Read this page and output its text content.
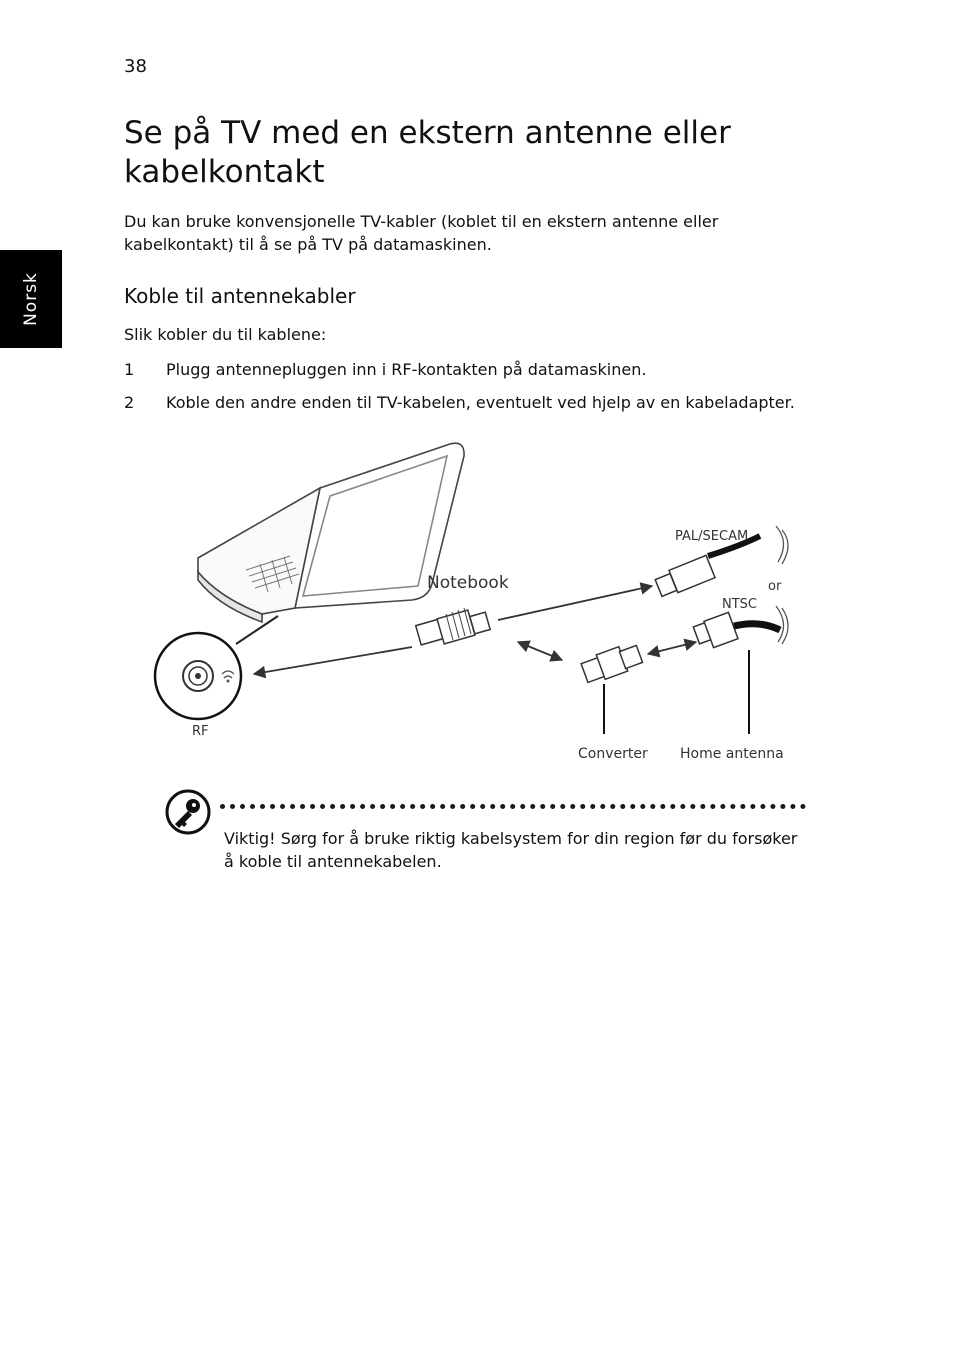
38
Norsk
Se på TV med en ekstern antenne eller kabelkontakt

Du kan bruke konvensjonelle TV-kabler (koblet til en ekstern antenne eller kabelkontakt) til å se på TV på datamaskinen.

Koble til antennekabler

Slik kobler du til kablene:

1 Plugg antennepluggen inn i RF-kontakten på datamaskinen.
2 Koble den andre enden til TV-kabelen, eventuelt ved hjelp av en kabeladapter.
Notebook
PAL/SECAM
or
NTSC
RF
Converter Home antenna

Viktig! Sørg for å bruke riktig kabelsystem for din region før du forsøker å koble til antennekabelen.
